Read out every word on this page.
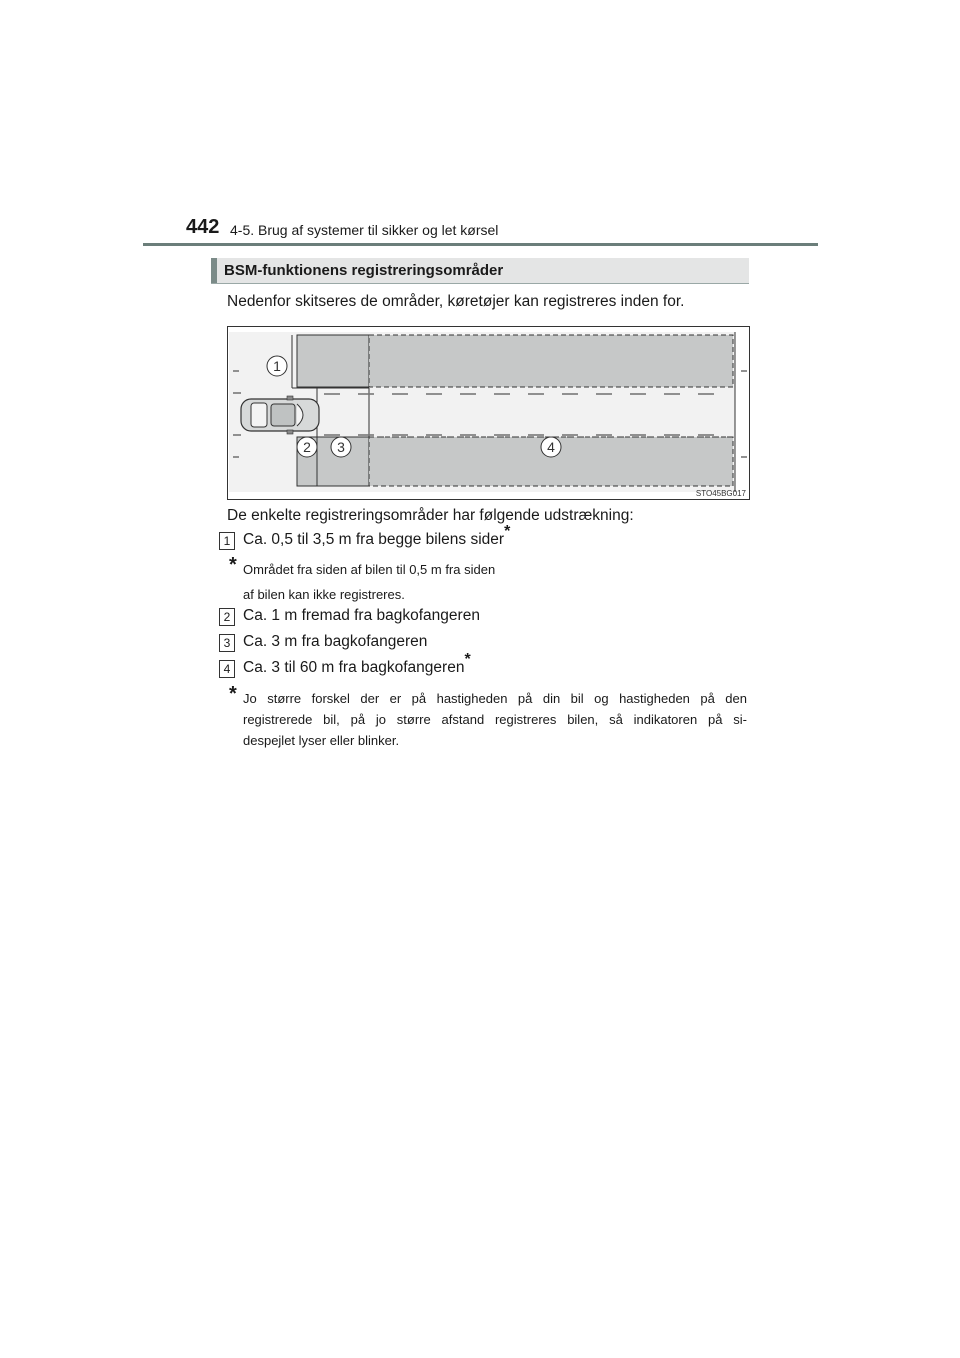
442 4-5. Brug af systemer til sikker og let kørsel
BSM-funktionens registreringsområder
Nedenfor skitseres de områder, køretøjer kan registreres inden for.
1
2 3	4
STO45BG017
De enkelte registreringsområder har følgende udstrækning:
1 Ca. 0,5 til 3,5 m fra begge bilens sider*
* Området fra siden af bilen til 0,5 m fra siden
af bilen kan ikke registreres.
2 Ca. 1 m fremad fra bagkofangeren
3 Ca. 3 m fra bagkofangeren
4 Ca. 3 til 60 m fra bagkofangeren*
* Jo større forskel der er på hastigheden på din bil og hastigheden på den
registrerede bil, på jo større afstand registreres bilen, så indikatoren på si-
despejlet lyser eller blinker.
